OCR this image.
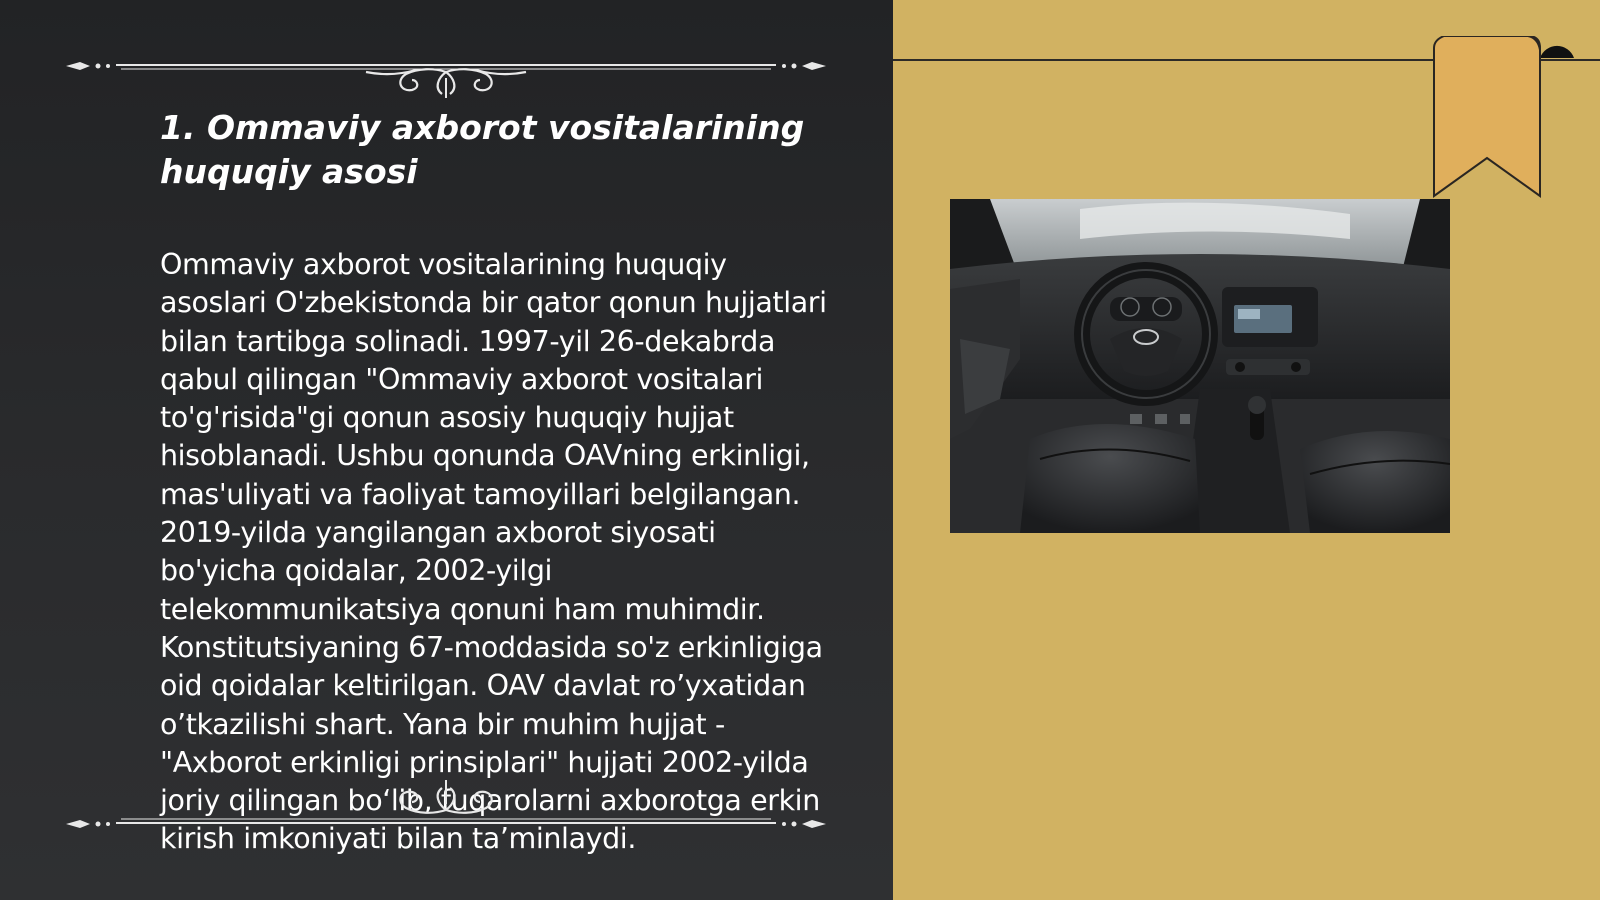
1. Ommaviy axborot vositalarining huquqiy asosi

Ommaviy axborot vositalarining huquqiy asoslari O'zbekistonda bir qator qonun hujjatlari bilan tartibga solinadi. 1997-yil 26-dekabrda qabul qilingan "Ommaviy axborot vositalari to'g'risida"gi qonun asosiy huquqiy hujjat hisoblanadi. Ushbu qonunda OAVning erkinligi, mas'uliyati va faoliyat tamoyillari belgilangan. 2019-yilda yangilangan axborot siyosati bo'yicha qoidalar, 2002-yilgi telekommunikatsiya qonuni ham muhimdir. Konstitutsiyaning 67-moddasida so'z erkinligiga oid qoidalar keltirilgan. OAV davlat ro’yxatidan o’tkazilishi shart. Yana bir muhim hujjat - "Axborot erkinligi prinsiplari" hujjati 2002-yilda joriy qilingan bo‘lib, fuqarolarni axborotga erkin kirish imkoniyati bilan ta’minlaydi.
